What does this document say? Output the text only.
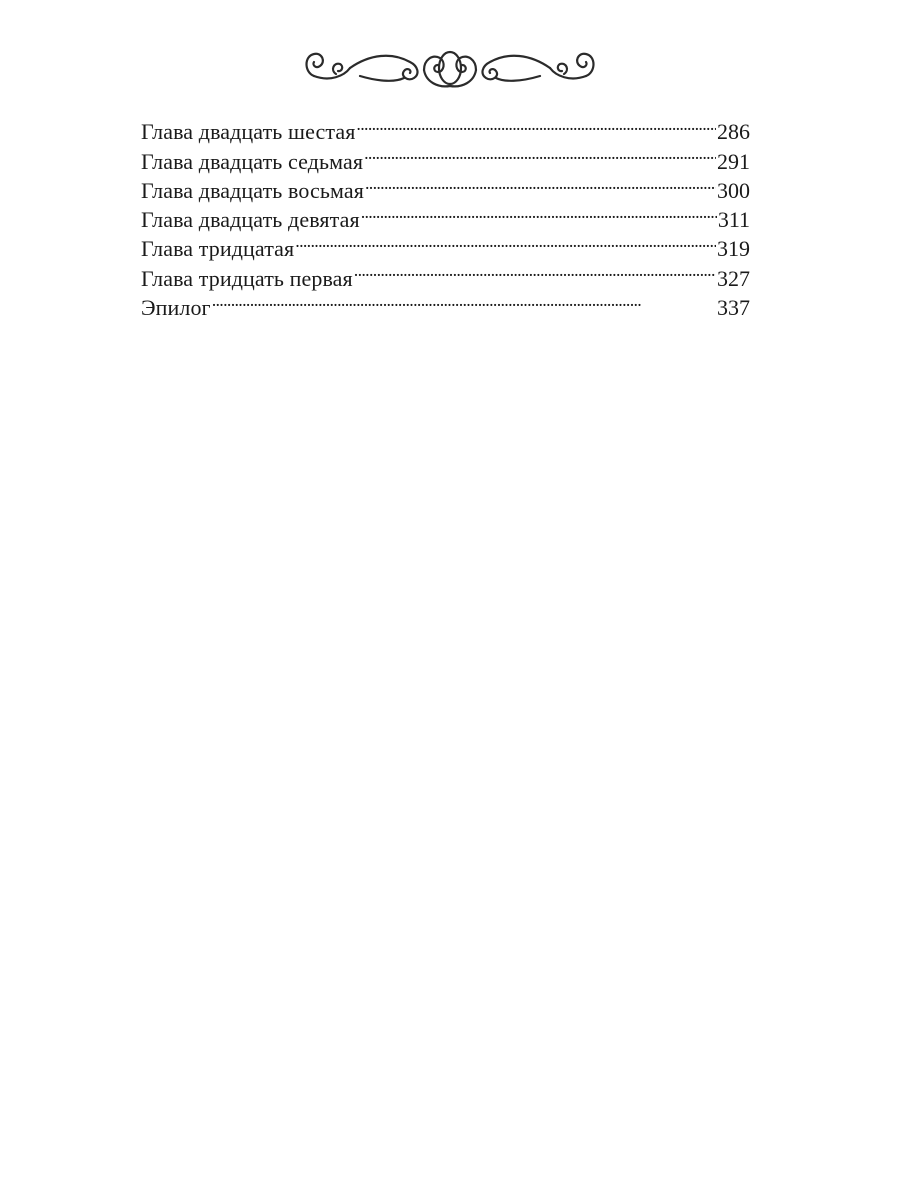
Глава двадцать шестая . . .	286
Глава двадцать седьмая . . .	291
Глава двадцать восьмая . . .	300
Глава двадцать девятая . . .	311
Глава тридцатая . . .	319
Глава тридцать первая . . .	327
Эпилог . . .	337
